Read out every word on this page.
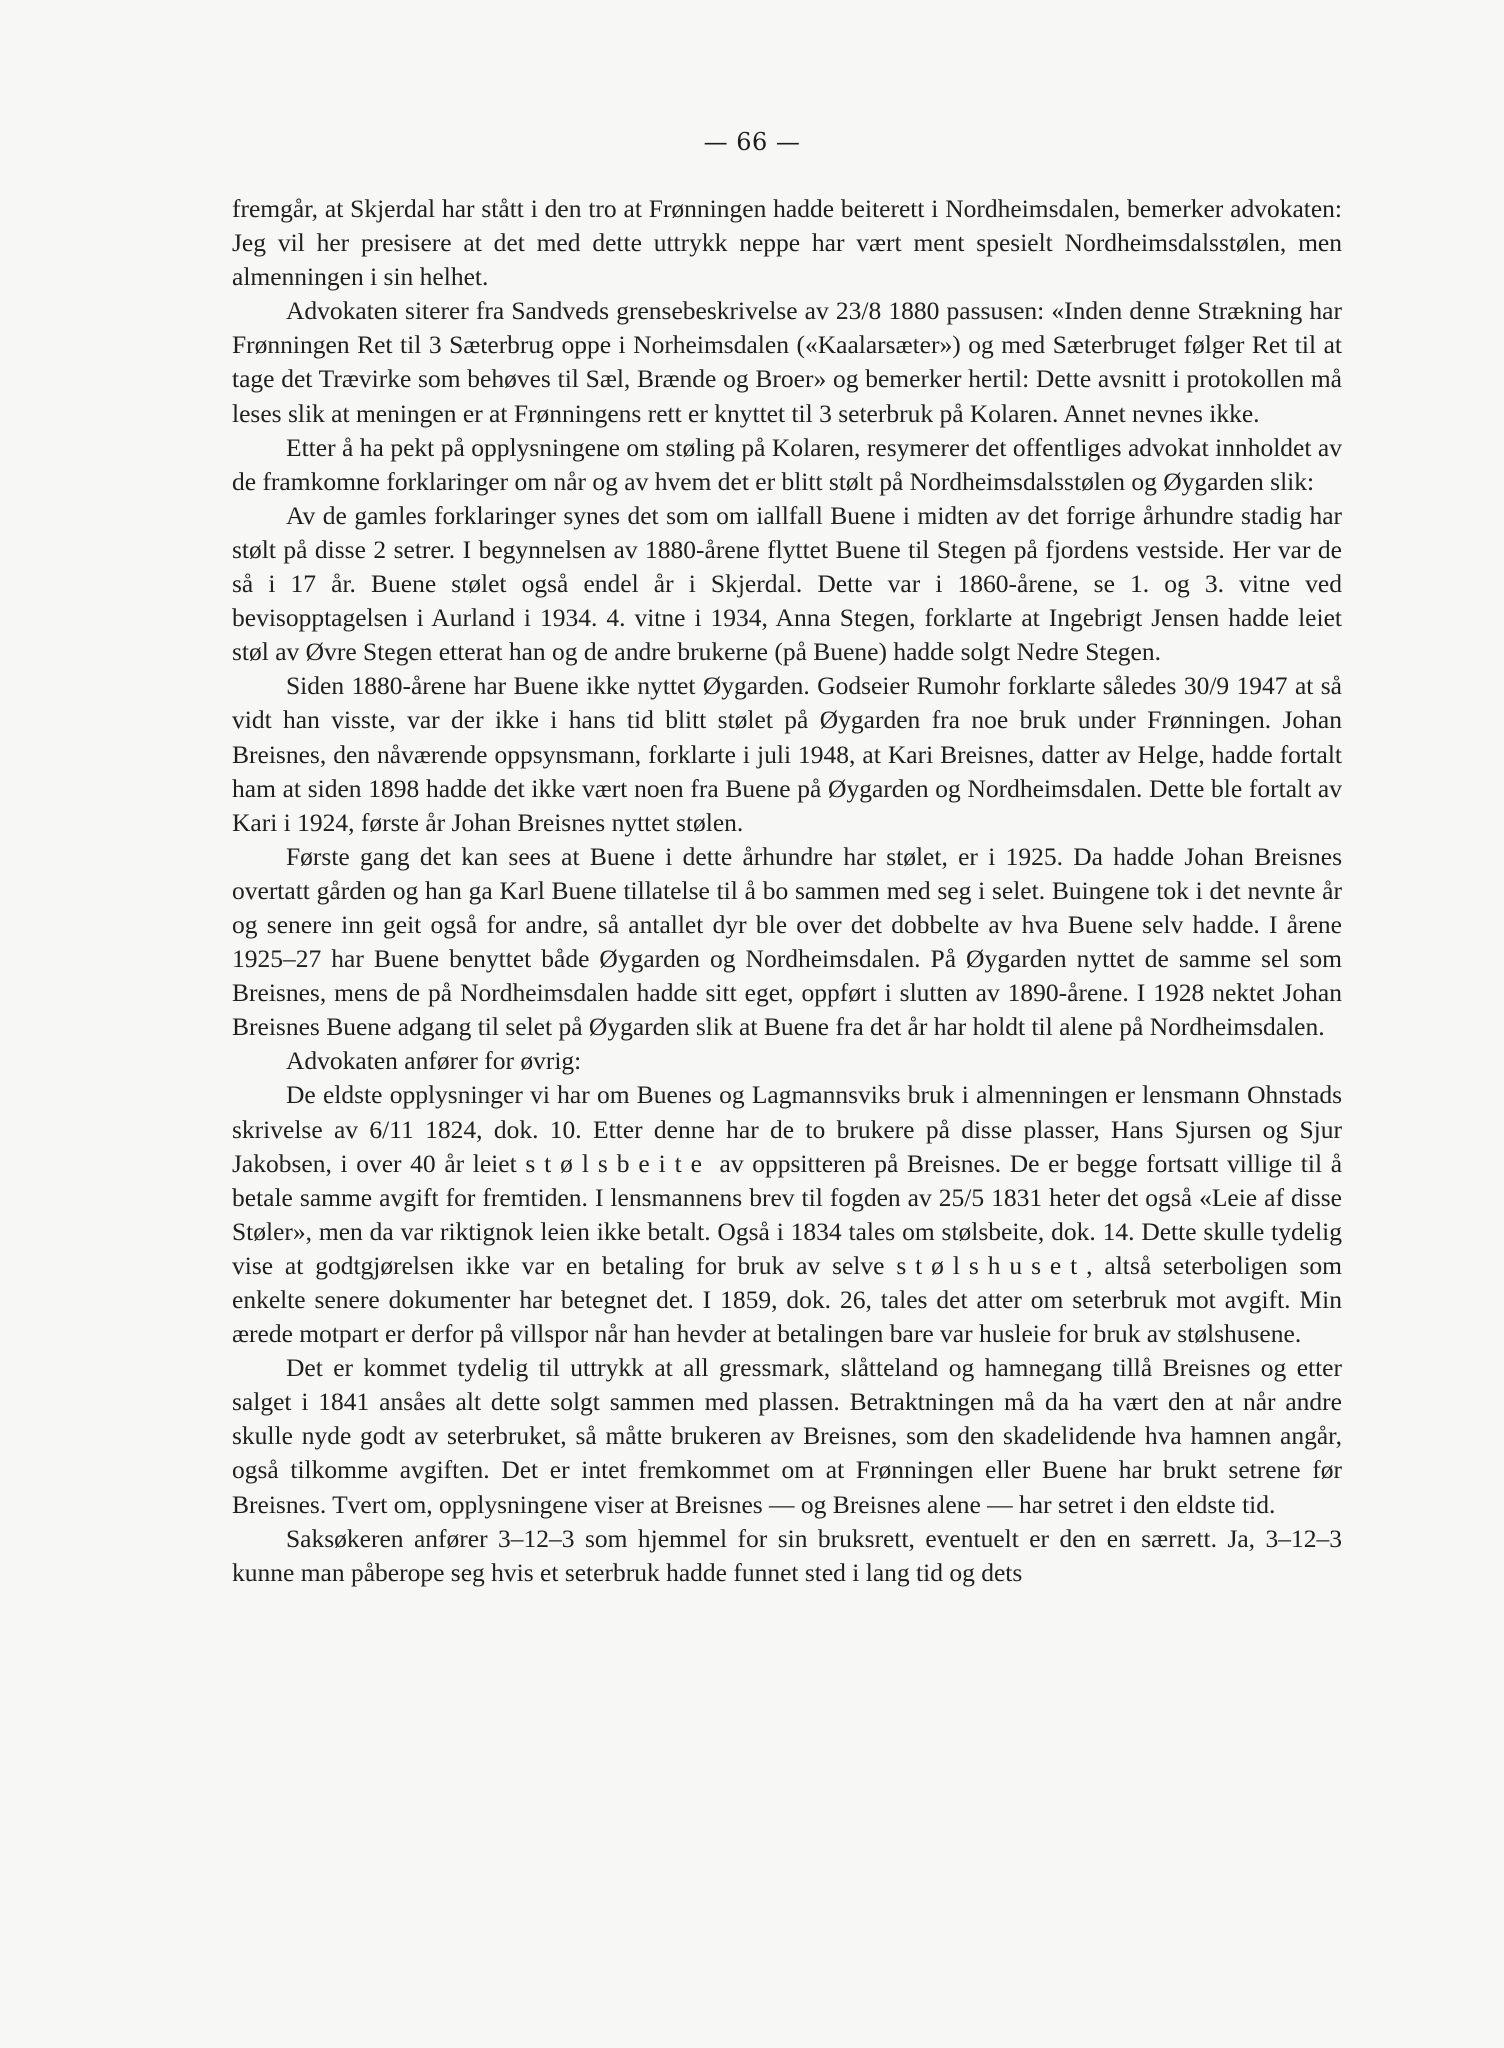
— 66 —

fremgår, at Skjerdal har stått i den tro at Frønningen hadde beiterett i Nordheimsdalen, bemerker advokaten: Jeg vil her presisere at det med dette uttrykk neppe har vært ment spesielt Nordheimsdalsstølen, men almenningen i sin helhet.

Advokaten siterer fra Sandveds grensebeskrivelse av 23/8 1880 passusen: «Inden denne Strækning har Frønningen Ret til 3 Sæterbrug oppe i Norheimsdalen («Kaalarsæter») og med Sæterbruget følger Ret til at tage det Trævirke som behøves til Sæl, Brænde og Broer» og bemerker hertil: Dette avsnitt i protokollen må leses slik at meningen er at Frønningens rett er knyttet til 3 seterbruk på Kolaren. Annet nevnes ikke.

Etter å ha pekt på opplysningene om støling på Kolaren, resymerer det offentliges advokat innholdet av de framkomne forklaringer om når og av hvem det er blitt stølt på Nordheimsdalsstølen og Øygarden slik:

Av de gamles forklaringer synes det som om iallfall Buene i midten av det forrige århundre stadig har stølt på disse 2 setrer. I begynnelsen av 1880-årene flyttet Buene til Stegen på fjordens vestside. Her var de så i 17 år. Buene stølet også endel år i Skjerdal. Dette var i 1860-årene, se 1. og 3. vitne ved bevisopptagelsen i Aurland i 1934. 4. vitne i 1934, Anna Stegen, forklarte at Ingebrigt Jensen hadde leiet støl av Øvre Stegen etterat han og de andre brukerne (på Buene) hadde solgt Nedre Stegen.

Siden 1880-årene har Buene ikke nyttet Øygarden. Godseier Rumohr forklarte således 30/9 1947 at så vidt han visste, var der ikke i hans tid blitt stølet på Øygarden fra noe bruk under Frønningen. Johan Breisnes, den nåværende oppsynsmann, forklarte i juli 1948, at Kari Breisnes, datter av Helge, hadde fortalt ham at siden 1898 hadde det ikke vært noen fra Buene på Øygarden og Nordheimsdalen. Dette ble fortalt av Kari i 1924, første år Johan Breisnes nyttet stølen.

Første gang det kan sees at Buene i dette århundre har stølet, er i 1925. Da hadde Johan Breisnes overtatt gården og han ga Karl Buene tillatelse til å bo sammen med seg i selet. Buingene tok i det nevnte år og senere inn geit også for andre, så antallet dyr ble over det dobbelte av hva Buene selv hadde. I årene 1925–27 har Buene benyttet både Øygarden og Nordheimsdalen. På Øygarden nyttet de samme sel som Breisnes, mens de på Nordheimsdalen hadde sitt eget, oppført i slutten av 1890-årene. I 1928 nektet Johan Breisnes Buene adgang til selet på Øygarden slik at Buene fra det år har holdt til alene på Nordheimsdalen.

Advokaten anfører for øvrig:

De eldste opplysninger vi har om Buenes og Lagmannsviks bruk i almenningen er lensmann Ohnstads skrivelse av 6/11 1824, dok. 10. Etter denne har de to brukere på disse plasser, Hans Sjursen og Sjur Jakobsen, i over 40 år leiet stølsbeite av oppsitteren på Breisnes. De er begge fortsatt villige til å betale samme avgift for fremtiden. I lensmannens brev til fogden av 25/5 1831 heter det også «Leie af disse Støler», men da var riktignok leien ikke betalt. Også i 1834 tales om stølsbeite, dok. 14. Dette skulle tydelig vise at godtgjørelsen ikke var en betaling for bruk av selve stølshuset, altså seterboligen som enkelte senere dokumenter har betegnet det. I 1859, dok. 26, tales det atter om seterbruk mot avgift. Min ærede motpart er derfor på villspor når han hevder at betalingen bare var husleie for bruk av stølshusene.

Det er kommet tydelig til uttrykk at all gressmark, slåtteland og hamnegang tillå Breisnes og etter salget i 1841 ansåes alt dette solgt sammen med plassen. Betraktningen må da ha vært den at når andre skulle nyde godt av seterbruket, så måtte brukeren av Breisnes, som den skadelidende hva hamnen angår, også tilkomme avgiften. Det er intet fremkommet om at Frønningen eller Buene har brukt setrene før Breisnes. Tvert om, opplysningene viser at Breisnes — og Breisnes alene — har setret i den eldste tid.

Saksøkeren anfører 3–12–3 som hjemmel for sin bruksrett, eventuelt er den en særrett. Ja, 3–12–3 kunne man påberope seg hvis et seterbruk hadde funnet sted i lang tid og dets
